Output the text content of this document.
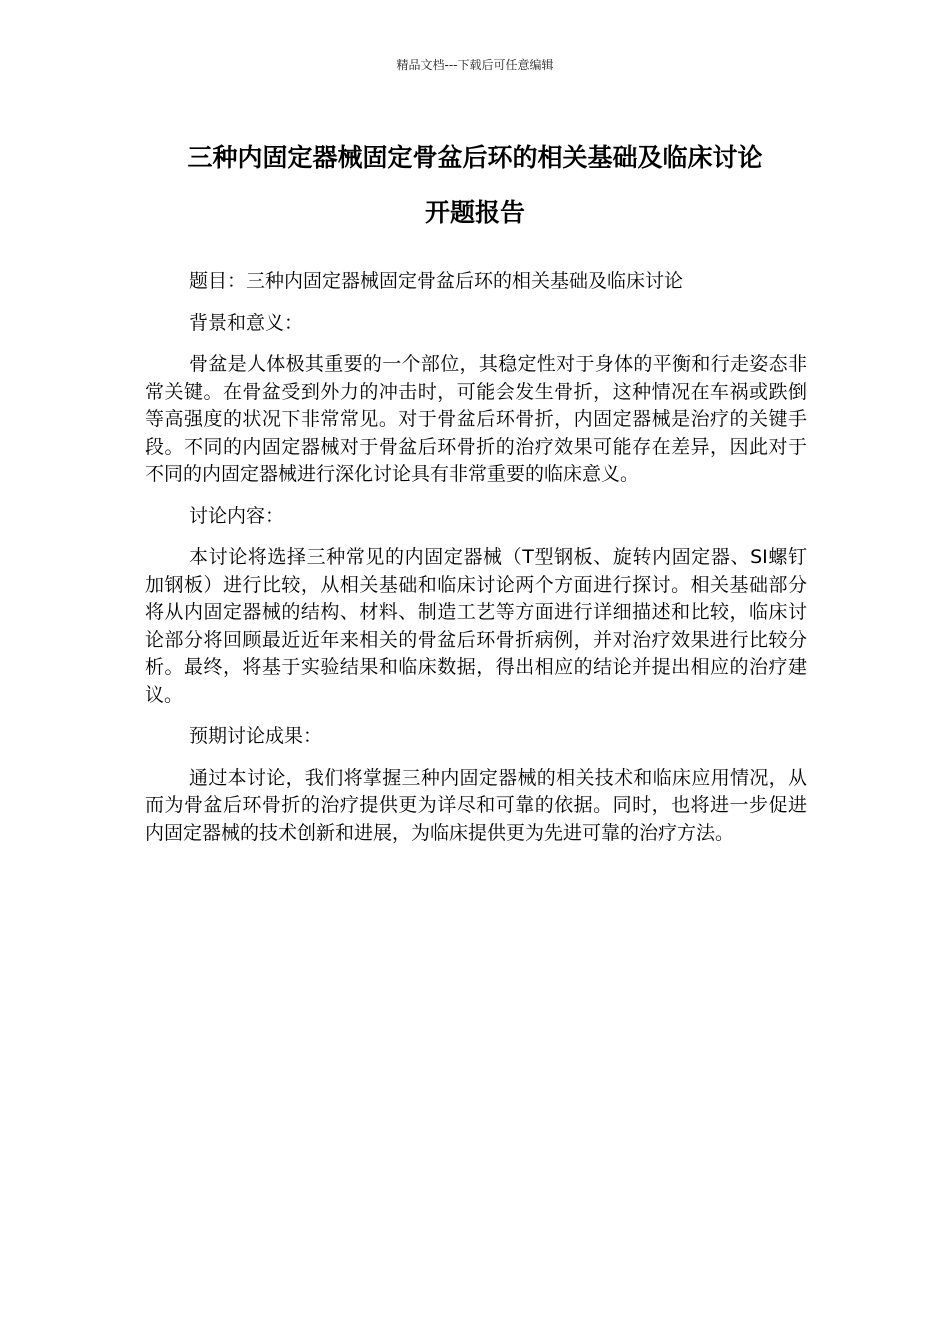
精品文档---下载后可任意编辑
三种内固定器械固定骨盆后环的相关基础及临床讨论
开题报告

题目：三种内固定器械固定骨盆后环的相关基础及临床讨论

背景和意义：

骨盆是人体极其重要的一个部位，其稳定性对于身体的平衡和行走姿态非常关键。在骨盆受到外力的冲击时，可能会发生骨折，这种情况在车祸或跌倒等高强度的状况下非常常见。对于骨盆后环骨折，内固定器械是治疗的关键手段。不同的内固定器械对于骨盆后环骨折的治疗效果可能存在差异，因此对于不同的内固定器械进行深化讨论具有非常重要的临床意义。

讨论内容：

本讨论将选择三种常见的内固定器械（T型钢板、旋转内固定器、SI螺钉加钢板）进行比较，从相关基础和临床讨论两个方面进行探讨。相关基础部分将从内固定器械的结构、材料、制造工艺等方面进行详细描述和比较，临床讨论部分将回顾最近近年来相关的骨盆后环骨折病例，并对治疗效果进行比较分析。最终，将基于实验结果和临床数据，得出相应的结论并提出相应的治疗建议。

预期讨论成果：

通过本讨论，我们将掌握三种内固定器械的相关技术和临床应用情况，从而为骨盆后环骨折的治疗提供更为详尽和可靠的依据。同时，也将进一步促进内固定器械的技术创新和进展，为临床提供更为先进可靠的治疗方法。
